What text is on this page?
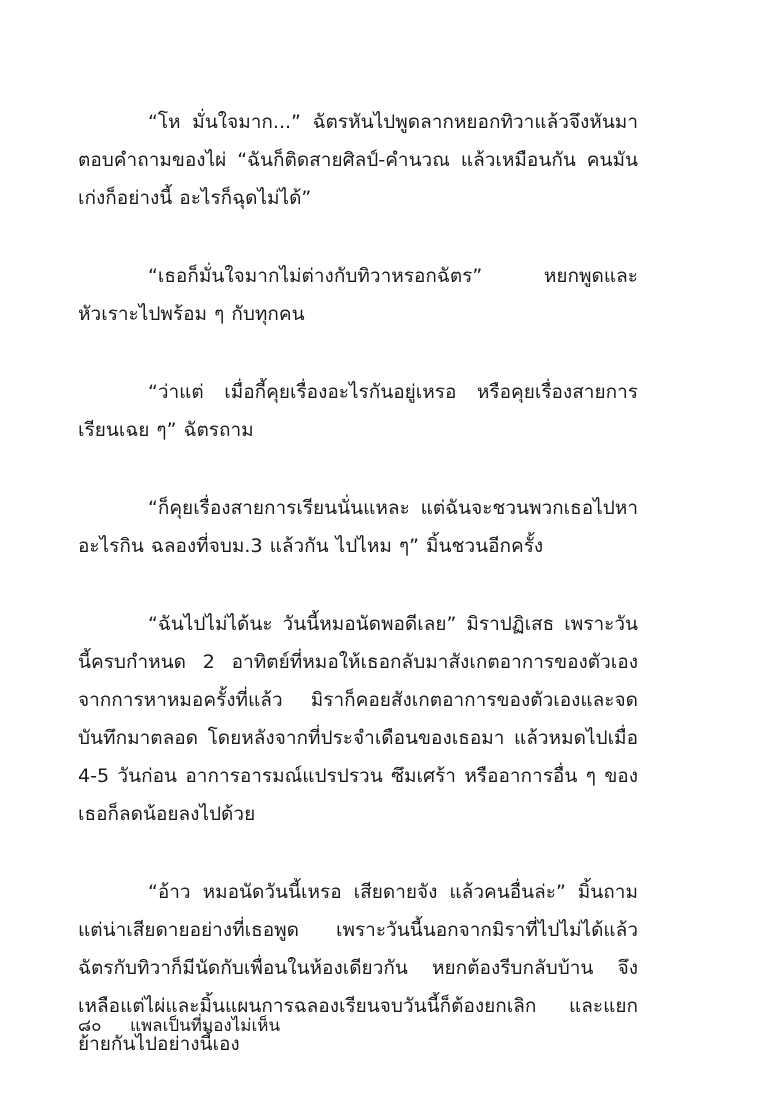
“โห มั่นใจมาก...” ฉัตรหันไปพูดลากหยอกทิวาแล้วจึงหันมาตอบคำถามของไผ่ “ฉันก็ติดสายศิลป์-คำนวณ แล้วเหมือนกัน คนมันเก่งก็อย่างนี้ อะไรก็ฉุดไม่ได้”

“เธอก็มั่นใจมากไม่ต่างกับทิวาหรอกฉัตร” หยกพูดและหัวเราะไปพร้อม ๆ กับทุกคน

“ว่าแต่ เมื่อกี้คุยเรื่องอะไรกันอยู่เหรอ หรือคุยเรื่องสายการเรียนเฉย ๆ” ฉัตรถาม

“ก็คุยเรื่องสายการเรียนนั่นแหละ แต่ฉันจะชวนพวกเธอไปหาอะไรกิน ฉลองที่จบม.3 แล้วกัน ไปไหม ๆ” มิ้นชวนอีกครั้ง

“ฉันไปไม่ได้นะ วันนี้หมอนัดพอดีเลย” มิราปฏิเสธ เพราะวันนี้ครบกำหนด 2 อาทิตย์ที่หมอให้เธอกลับมาสังเกตอาการของตัวเอง จากการหาหมอครั้งที่แล้ว มิราก็คอยสังเกตอาการของตัวเองและจดบันทึกมาตลอด โดยหลังจากที่ประจำเดือนของเธอมา แล้วหมดไปเมื่อ 4-5 วันก่อน อาการอารมณ์แปรปรวน ซึมเศร้า หรืออาการอื่น ๆ ของเธอก็ลดน้อยลงไปด้วย

“อ้าว หมอนัดวันนี้เหรอ เสียดายจัง แล้วคนอื่นล่ะ” มิ้นถาม แต่น่าเสียดายอย่างที่เธอพูด เพราะวันนี้นอกจากมิราที่ไปไม่ได้แล้ว ฉัตรกับทิวาก็มีนัดกับเพื่อนในห้องเดียวกัน หยกต้องรีบกลับบ้าน จึงเหลือแต่ไผ่และมิ้นแผนการฉลองเรียนจบวันนี้ก็ต้องยกเลิก และแยกย้ายกันไปอย่างนี้เอง

๘๐	แพลเป็นที่มองไม่เห็น
